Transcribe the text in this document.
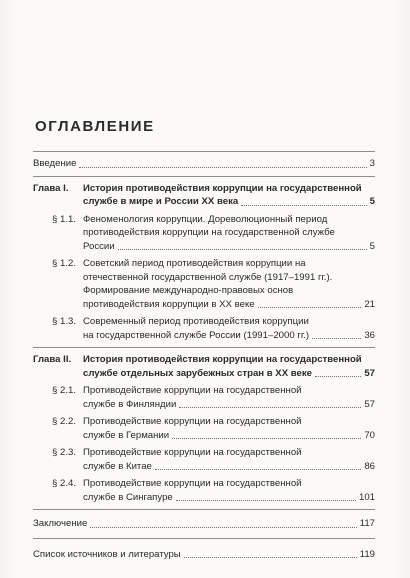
ОГЛАВЛЕНИЕ
Введение	3
Глава I.	История противодействия коррупции на государственной
службе в мире и России XX века	5
§ 1.1. Феноменология коррупции. Дореволюционный период
противодействия коррупции на государственной службе
России	5
§ 1.2. Советский период противодействия коррупции на
отечественной государственной службе (1917–1991 гг.).
Формирование международно-правовых основ
противодействия коррупции в XX веке	21
§ 1.3. Современный период противодействия коррупции
на государственной службе России (1991–2000 гг.)	36
Глава II.	История противодействия коррупции на государственной
службе отдельных зарубежных стран в XX веке	57
§ 2.1. Противодействие коррупции на государственной
службе в Финляндии	57
§ 2.2. Противодействие коррупции на государственной
службе в Германии	70
§ 2.3. Противодействие коррупции на государственной
службе в Китае	86
§ 2.4. Противодействие коррупции на государственной
службе в Сингапуре	101
Заключение	117
Список источников и литературы	119
